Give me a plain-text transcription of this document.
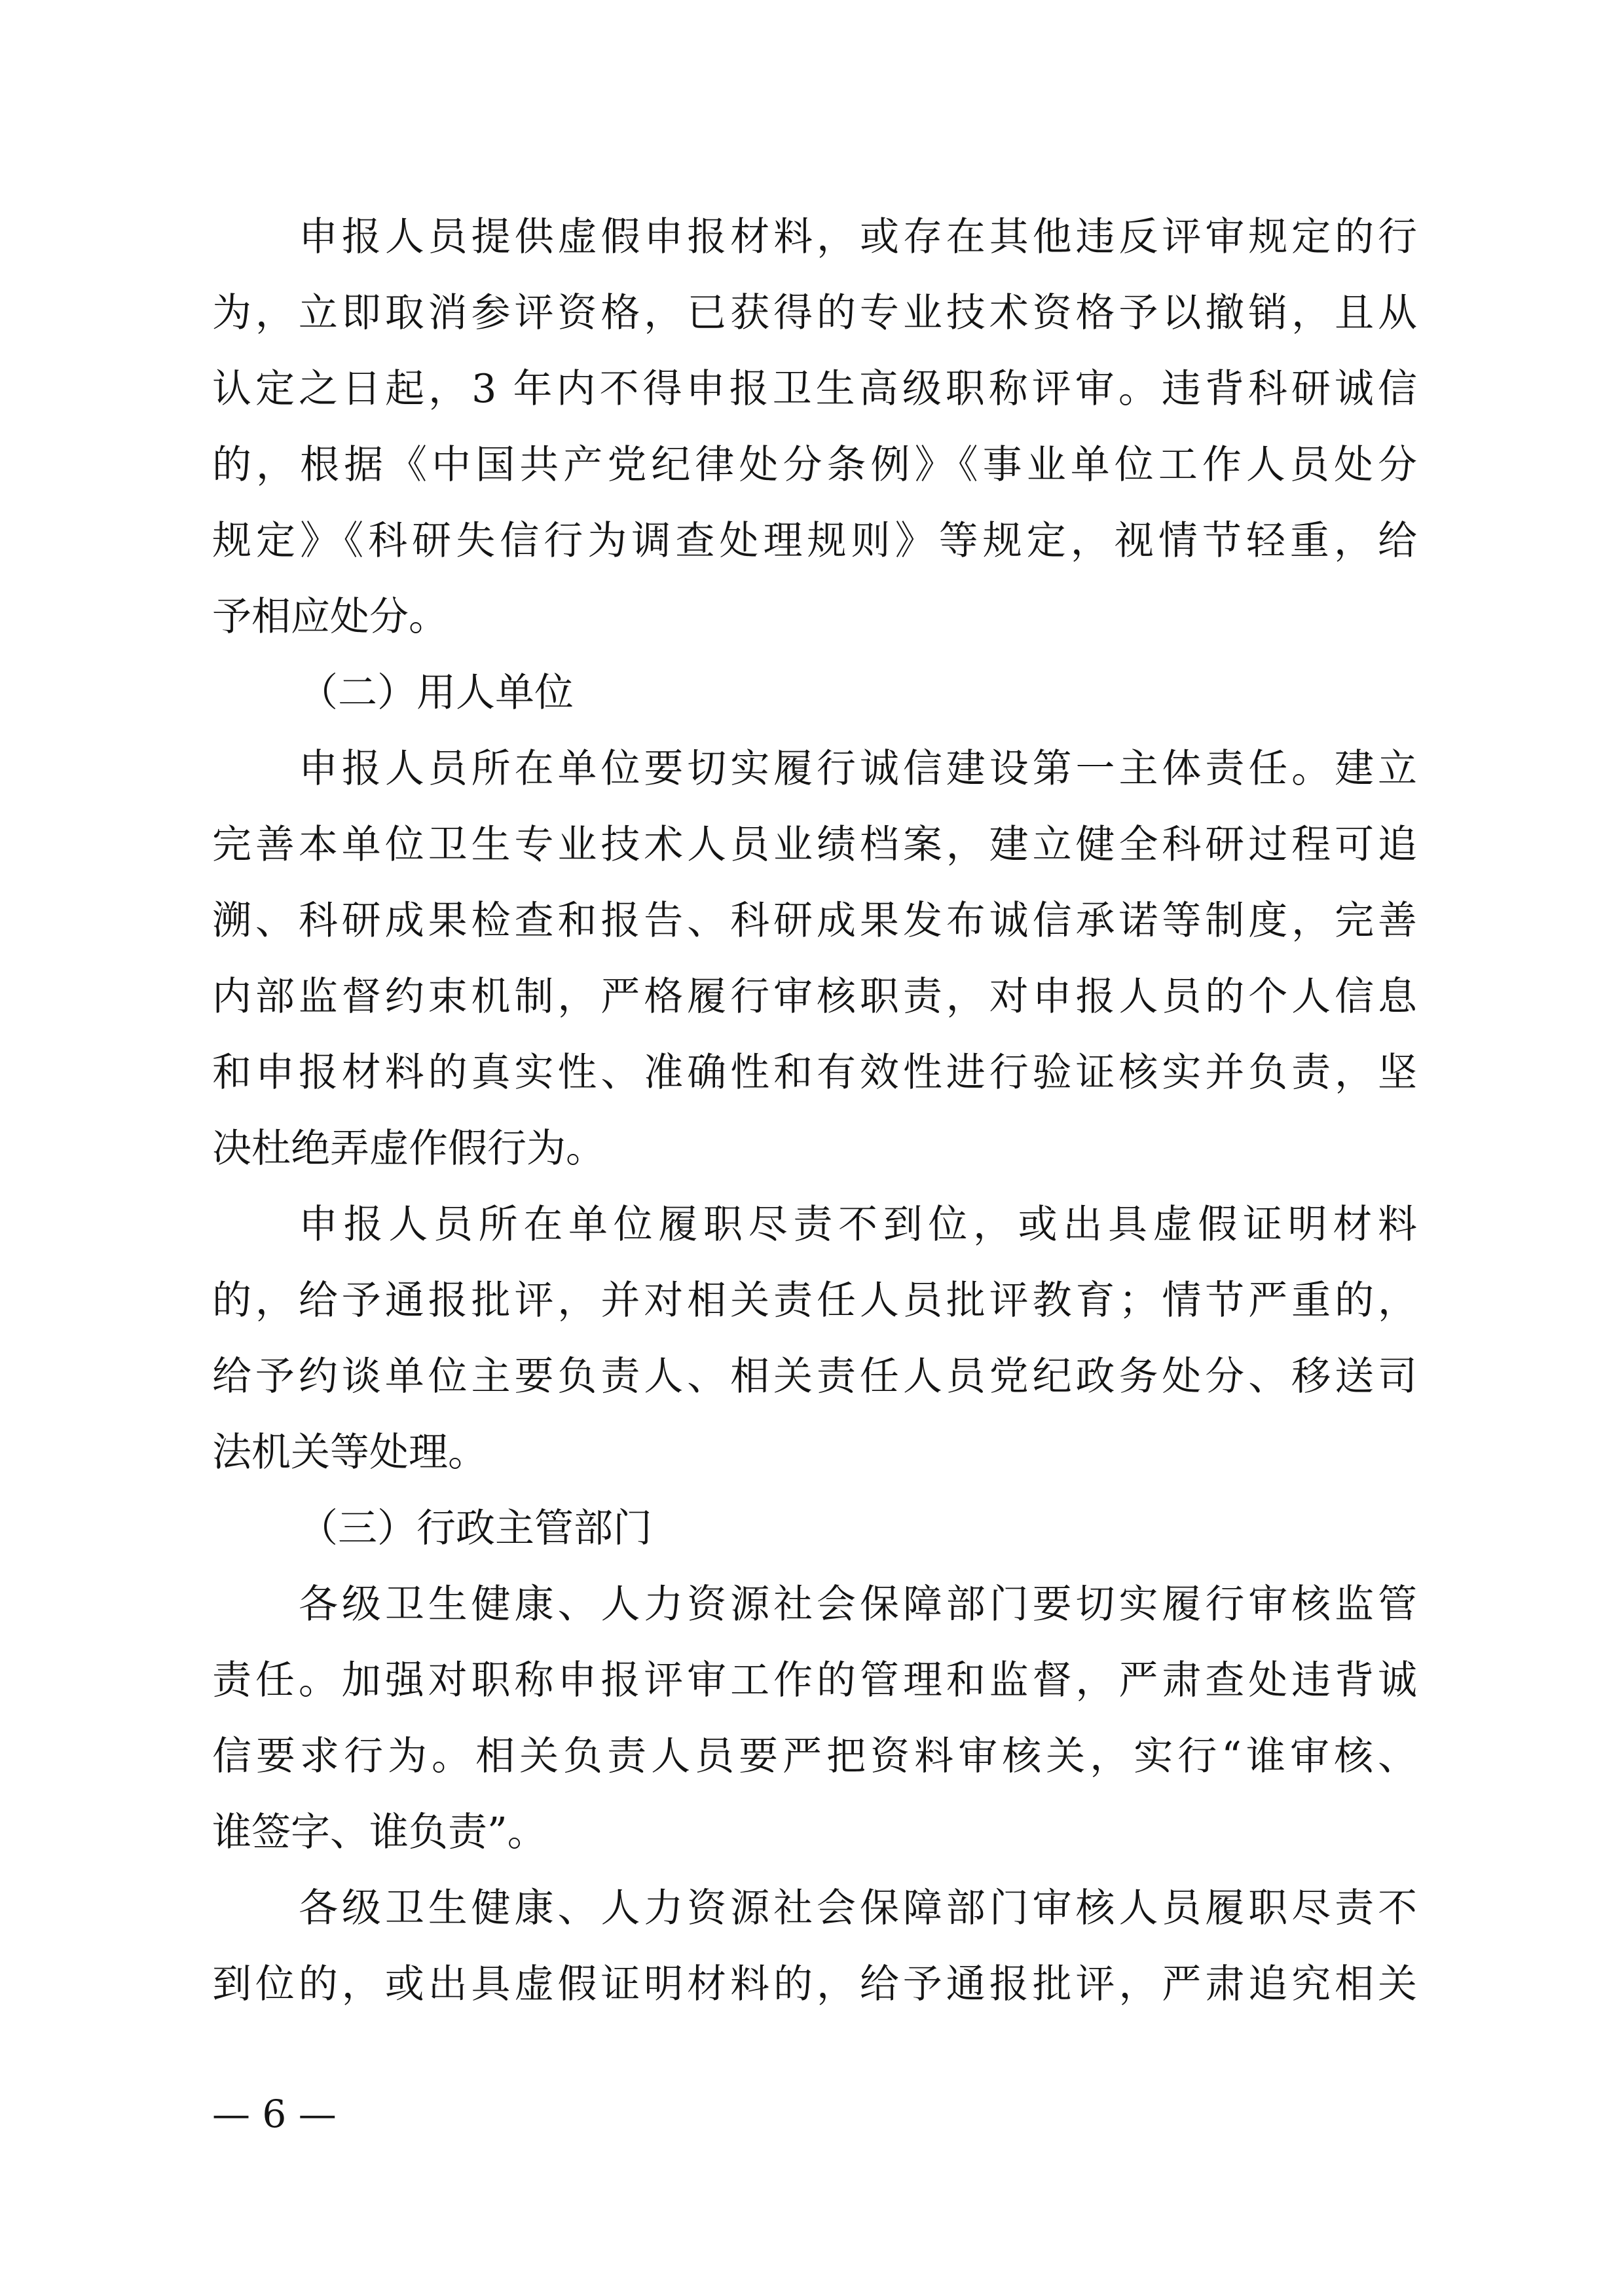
申报人员提供虚假申报材料，或存在其他违反评审规定的行
为，立即取消参评资格，已获得的专业技术资格予以撤销，且从
认定之日起，3 年内不得申报卫生高级职称评审。违背科研诚信
的，根据《中国共产党纪律处分条例》《事业单位工作人员处分
规定》《科研失信行为调查处理规则》等规定，视情节轻重，给
予相应处分。
（二）用人单位
申报人员所在单位要切实履行诚信建设第一主体责任。建立
完善本单位卫生专业技术人员业绩档案，建立健全科研过程可追
溯、科研成果检查和报告、科研成果发布诚信承诺等制度，完善
内部监督约束机制，严格履行审核职责，对申报人员的个人信息
和申报材料的真实性、准确性和有效性进行验证核实并负责，坚
决杜绝弄虚作假行为。
申报人员所在单位履职尽责不到位，或出具虚假证明材料
的，给予通报批评，并对相关责任人员批评教育；情节严重的，
给予约谈单位主要负责人、相关责任人员党纪政务处分、移送司
法机关等处理。
（三）行政主管部门
各级卫生健康、人力资源社会保障部门要切实履行审核监管
责任。加强对职称申报评审工作的管理和监督，严肃查处违背诚
信要求行为。相关负责人员要严把资料审核关，实行“谁审核、
谁签字、谁负责”。
各级卫生健康、人力资源社会保障部门审核人员履职尽责不
到位的，或出具虚假证明材料的，给予通报批评，严肃追究相关
— 6 —
